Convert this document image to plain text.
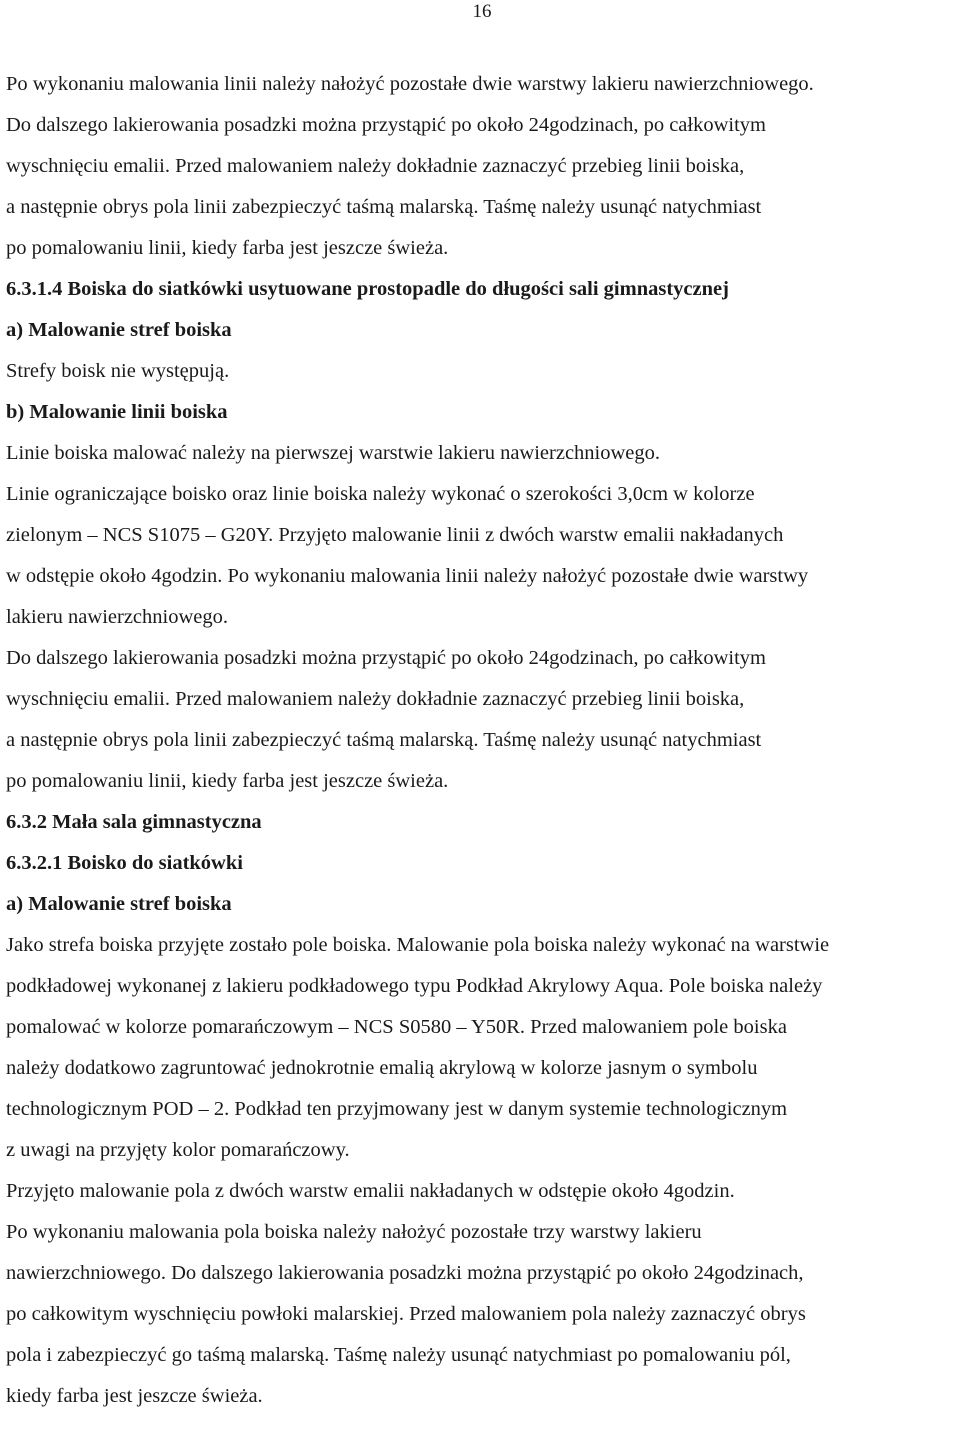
16
Po wykonaniu malowania linii należy nałożyć pozostałe dwie warstwy lakieru nawierzchniowego.
Do dalszego lakierowania posadzki można przystąpić po około 24godzinach, po całkowitym
wyschnięciu emalii. Przed malowaniem należy dokładnie zaznaczyć przebieg linii boiska,
a następnie obrys pola linii zabezpieczyć taśmą malarską. Taśmę należy usunąć natychmiast
po pomalowaniu linii, kiedy farba jest jeszcze świeża.
6.3.1.4 Boiska do siatkówki usytuowane prostopadle do długości sali gimnastycznej
a) Malowanie stref boiska
Strefy boisk nie występują.
b) Malowanie linii boiska
Linie boiska malować należy na pierwszej warstwie lakieru nawierzchniowego.
Linie ograniczające boisko oraz linie boiska należy wykonać o szerokości 3,0cm w kolorze
zielonym – NCS S1075 – G20Y. Przyjęto malowanie linii z dwóch warstw emalii nakładanych
w odstępie około 4godzin. Po wykonaniu malowania linii należy nałożyć pozostałe dwie warstwy
lakieru nawierzchniowego.
Do dalszego lakierowania posadzki można przystąpić po około 24godzinach, po całkowitym
wyschnięciu emalii. Przed malowaniem należy dokładnie zaznaczyć przebieg linii boiska,
a następnie obrys pola linii zabezpieczyć taśmą malarską. Taśmę należy usunąć natychmiast
po pomalowaniu linii, kiedy farba jest jeszcze świeża.
6.3.2 Mała sala gimnastyczna
6.3.2.1 Boisko do siatkówki
a) Malowanie stref boiska
Jako strefa boiska przyjęte zostało pole boiska. Malowanie pola boiska należy wykonać na warstwie
podkładowej wykonanej z lakieru podkładowego typu Podkład Akrylowy Aqua. Pole boiska należy
pomalować w kolorze pomarańczowym – NCS S0580 – Y50R. Przed malowaniem pole boiska
należy dodatkowo zagruntować jednokrotnie emalią akrylową w kolorze jasnym o symbolu
technologicznym POD – 2. Podkład ten przyjmowany jest w danym systemie technologicznym
z uwagi na przyjęty kolor pomarańczowy.
Przyjęto malowanie pola z dwóch warstw emalii nakładanych w odstępie około 4godzin.
Po wykonaniu malowania pola boiska należy nałożyć pozostałe trzy warstwy lakieru
nawierzchniowego. Do dalszego lakierowania posadzki można przystąpić po około 24godzinach,
po całkowitym wyschnięciu powłoki malarskiej. Przed malowaniem pola należy zaznaczyć obrys
pola i zabezpieczyć go taśmą malarską. Taśmę należy usunąć natychmiast po pomalowaniu pól,
kiedy farba jest jeszcze świeża.
